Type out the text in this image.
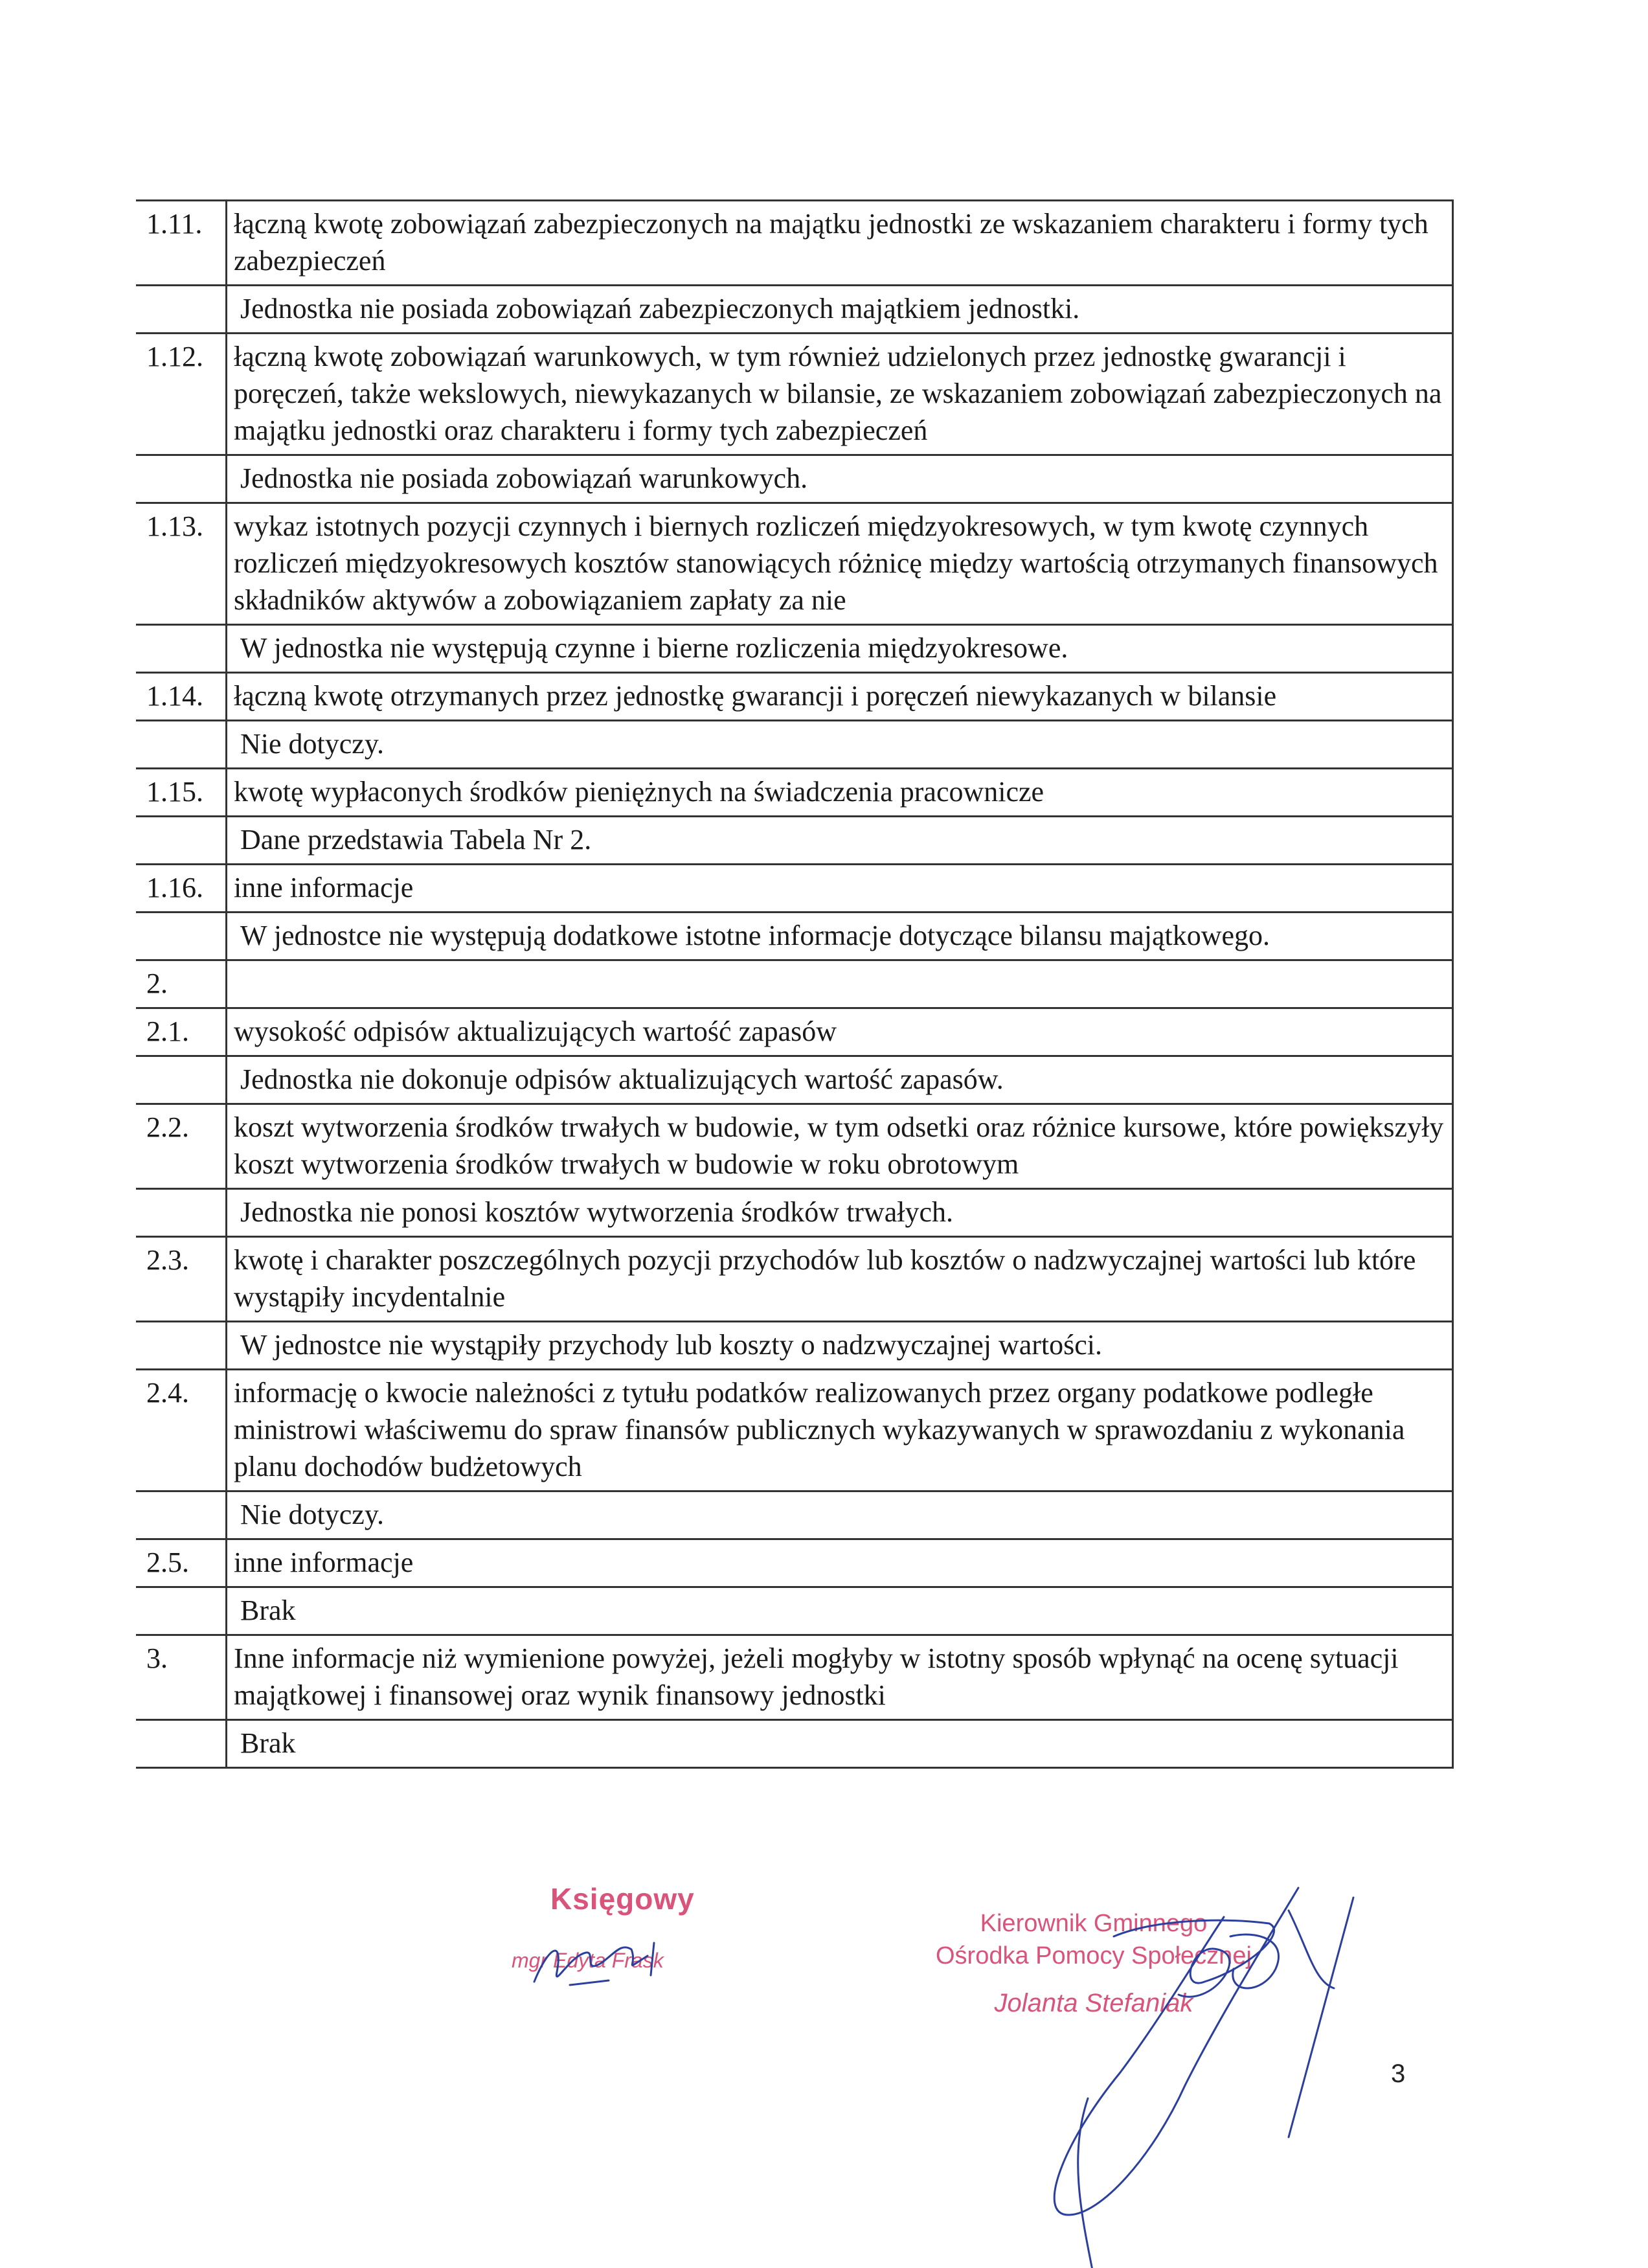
1.11.	łączną kwotę zobowiązań zabezpieczonych na majątku jednostki ze wskazaniem charakteru i formy tych zabezpieczeń
	Jednostka nie posiada zobowiązań zabezpieczonych majątkiem jednostki.
1.12.	łączną kwotę zobowiązań warunkowych, w tym również udzielonych przez jednostkę gwarancji i poręczeń, także wekslowych, niewykazanych w bilansie, ze wskazaniem zobowiązań zabezpieczonych na majątku jednostki oraz charakteru i formy tych zabezpieczeń
	Jednostka nie posiada zobowiązań warunkowych.
1.13.	wykaz istotnych pozycji czynnych i biernych rozliczeń międzyokresowych, w tym kwotę czynnych rozliczeń międzyokresowych kosztów stanowiących różnicę między wartością otrzymanych finansowych składników aktywów a zobowiązaniem zapłaty za nie
	W jednostka nie występują czynne i bierne rozliczenia międzyokresowe.
1.14.	łączną kwotę otrzymanych przez jednostkę gwarancji i poręczeń niewykazanych w bilansie
	Nie dotyczy.
1.15.	kwotę wypłaconych środków pieniężnych na świadczenia pracownicze
	Dane przedstawia Tabela Nr 2.
1.16.	inne informacje
	W jednostce nie występują dodatkowe istotne informacje dotyczące bilansu majątkowego.
2.	
2.1.	wysokość odpisów aktualizujących wartość zapasów
	Jednostka nie dokonuje odpisów aktualizujących wartość zapasów.
2.2.	koszt wytworzenia środków trwałych w budowie, w tym odsetki oraz różnice kursowe, które powiększyły koszt wytworzenia środków trwałych w budowie w roku obrotowym
	Jednostka nie ponosi kosztów wytworzenia środków trwałych.
2.3.	kwotę i charakter poszczególnych pozycji przychodów lub kosztów o nadzwyczajnej wartości lub które wystąpiły incydentalnie
	W jednostce nie wystąpiły przychody lub koszty o nadzwyczajnej wartości.
2.4.	informację o kwocie należności z tytułu podatków realizowanych przez organy podatkowe podległe ministrowi właściwemu do spraw finansów publicznych wykazywanych w sprawozdaniu z wykonania planu dochodów budżetowych
	Nie dotyczy.
2.5.	inne informacje
	Brak
3.	Inne informacje niż wymienione powyżej, jeżeli mogłyby w istotny sposób wpłynąć na ocenę sytuacji majątkowej i finansowej oraz wynik finansowy jednostki
	Brak
Księgowy
mgr Edyta Frask
Kierownik Gminnego
Ośrodka Pomocy Społecznej
Jolanta Stefaniak
3
